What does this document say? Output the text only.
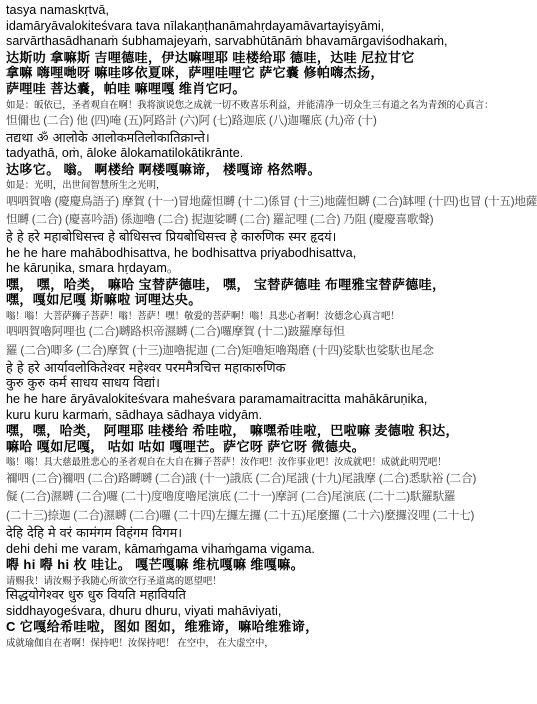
tasya namaskṛtvā,
idamāryāvalokiteśvara tava nīlakaṇṭhanāmahṛdayamāvartayiṣyāmi,
sarvārthasādhanaṁ śubhamajeyaṁ, sarvabhūtānāṁ bhavamārgaviśodhakaṁ,
达斯叻 拿嘛斯 吉哩德哇，伊达嘛哩耶 哇楼给耶 德哇，达哇 尼拉甘它
拿嘛 嗨哩哋呀 嘛哇哆依夏咪，萨哩哇哩它 萨它嚢 修帕嗨杰扬，
萨哩哇 菩达嚢，帕哇 嘛哩嘎 维肖它叼。
如是：皈依已，圣者观自在啊！我将演说您之成就一切不败喜乐利益，并能清净一切众生三有道之名为青颈的心真言：
怛儞也 (二合) 他 (四)唵 (五)阿路計 (六)阿 (七)路迦底 (八)迦囉底 (九)帝 (十)
तद्यथा ॐ आलोके आलोकमतिलोकातिक्रान्ते।
tadyathā, oṁ, āloke ālokamatilokātikrānte.
达哆它。 嗡。 啊楼给 啊楼嘎嘛谛， 楼嘎谛 格然嘚。
如是：光明，出世间智慧所生之光明，
呬呬賀嚕 (慶慶鳥語子) 摩賀 (十一)冒地薩怛嚩 (十二)係冒 (十三)地薩怛嚩 (二合)缽哩 (十四)也冒 (十五)地薩
怛嚩 (二合) (慶喜吟語) 係迦嚕 (二合) 抳迦娑嚩 (二合) 羅記哩 (二合) 乃阻 (慶慶喜歌聲)
हे हे हरे महाबोधिसत्त्व हे बोधिसत्त्व प्रियबोधिसत्त्व हे कारुणिक स्मर हृदयं।
he he hare mahābodhisattva, he bodhisattva priyabodhisattva,
he kāruṇika, smara hṛdayam。
嘿， 嘿，哈类， 嘛哈 宝替萨德哇， 嘿， 宝替萨德哇 布哩雅宝替萨德哇，
嘿，嘎如尼嘎 斯嘛啦 诃哩达央。
嗡！嗡！大菩萨狮子菩萨！嗡！菩萨！嘿！敬爱的菩萨啊！嗡！具悲心者啊！汝德念心真言吧！
呬呬賀嚕阿哩也 (二合)嚩路枳帝濕嚩 (二合)囉摩賀 (十二)跛羅摩每怛
羅 (二合)唧多 (二合)摩賀 (十三)迦嚕抳迦 (二合)矩嚕矩嚕羯磨 (十四)娑馱也娑馱也尾念
हे हे हरे आर्यावलोकितेश्वर महेश्वर परममैत्रचित्त महाकारुणिक
कुरु कुरु कर्म साधय साधय विद्यां।
he he hare āryāvalokiteśvara maheśvara paramamaitracitta mahākāruṇika,
kuru kuru karmaṁ, sādhaya sādhaya vidyām.
嘿，嘿，哈类， 阿哩耶 哇楼给 希哇啦， 嘛嘿希哇啦，巴啦嘛 麦德啦 积达，
嘛哈 嘎如尼嘎， 咕如 咕如 嘎哩芒。萨它呀 萨它呀 微德央。
嗡！嗡！具大慈最胜悲心的圣者观自在大自在狮子菩萨！汝作吧！汝作事业吧！汝成就吧！成就此明咒吧！
禰呬 (二合)禰呬 (二合)路嚩嚩 (二合)誐 (十一)誐底 (二合)尾誐 (十九)尾誐摩 (二合)悉馱裕 (二合)
儗 (二合)濕嚩 (二合)囉 (二十)度嚕度嚕尾演底 (二十一)摩訶 (二合)尾演底 (二十二)馱羅馱羅
(二十三)捺迦 (二合)濕嚩 (二合)囉 (二十四)左攞左攞 (二十五)尾麼攞 (二十六)麼攞沒哩 (二十七)
देहि देहि मे वरं कामंगम विहंगम विगम।
dehi dehi me varam, kāmaṁgama vihaṁgama vigama.
嘚 hi 嘚 hi 枚 哇让。 嘎芒嘎嘛 维杭嘎嘛 维嘎嘛。
请赐我！请汝赐予我随心所欲空行圣道离的愿望吧！
सिद्धयोगेश्वर धुरु धुरु वियति महावियति
siddhayogeśvara, dhuru dhuru, viyati mahāviyati,
C 它嘎给希哇啦，图如 图如，维雅谛，嘛哈维雅谛，
成就瑜伽自在者啊！保持吧！汝保持吧！ 在空中， 在大虚空中，
